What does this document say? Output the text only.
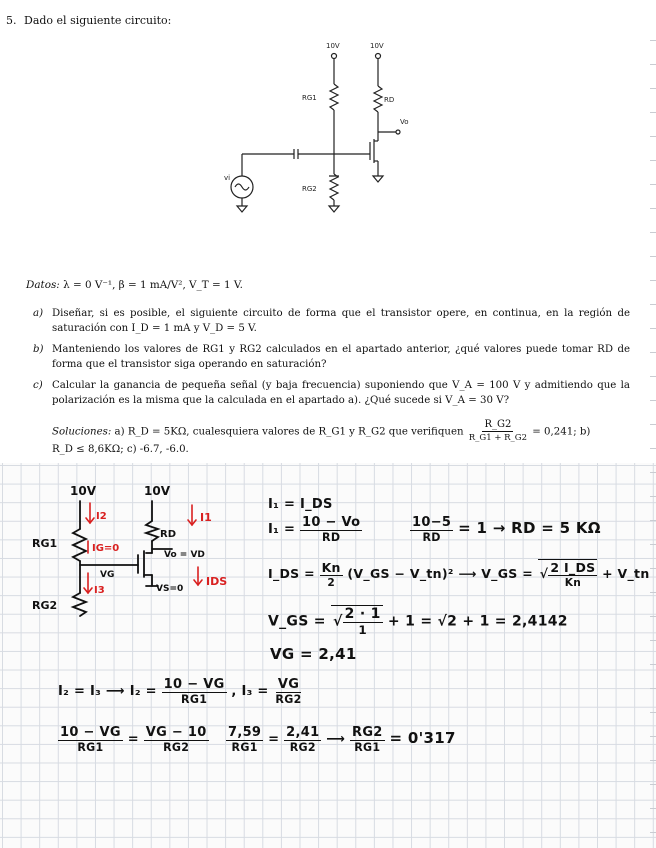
5. Dado el siguiente circuito:
10V	10V
RG1
RG2
RD
Vo
vi
Datos: λ = 0 V⁻¹, β = 1 mA/V², V_T = 1 V.
a) Diseñar, si es posible, el siguiente circuito de forma que el transistor opere, en continua, en la región de saturación con I_D = 1 mA y V_D = 5 V.
b) Manteniendo los valores de RG1 y RG2 calculados en el apartado anterior, ¿qué valores puede tomar RD de forma que el transistor siga operando en saturación?
c) Calcular la ganancia de pequeña señal (y baja frecuencia) suponiendo que V_A = 100 V y admitiendo que la polarización es la misma que la calculada en el apartado a). ¿Qué sucede si V_A = 30 V?
Soluciones: a) R_D = 5KΩ, cualesquiera valores de R_G1 y R_G2 que verifiquen $\frac{R\_G2}{R\_G1 + R\_G2} = 0,241$; b)
R_D ≤ 8,6KΩ; c) -6.7, -6.0.
10V	10V
RG1
RG2
RD
I2	I1
IG=0
I3
Vo = VD
VG
VS=0
IDS
I₁ = I_DS
$I_1 = \frac{10 - Vo}{RD}$	$\frac{10-5}{RD} = 1$ → RD = 5 KΩ
I_DS = $\frac{Kn}{2}$ (V_GS − V_tn)² ⟶ V_GS = √ $\frac{2 I\_DS}{Kn}$ + V_tn
V_GS = √ $\frac{2 \cdot 1}{1} + 1 = √2 + 1 = 2,4142$
VG = 2,41
I₂ = I₃ ⟶ $I_2 = \frac{10 - VG}{RG1}$ , $I_3 = \frac{VG}{RG2}$
$\frac{10 - VG}{RG1} = \frac{VG - 10}{RG2} \frac{7,59}{RG1} = \frac{2,41}{RG2}$ ⟶ $\frac{RG2}{RG1} = 0'317$
